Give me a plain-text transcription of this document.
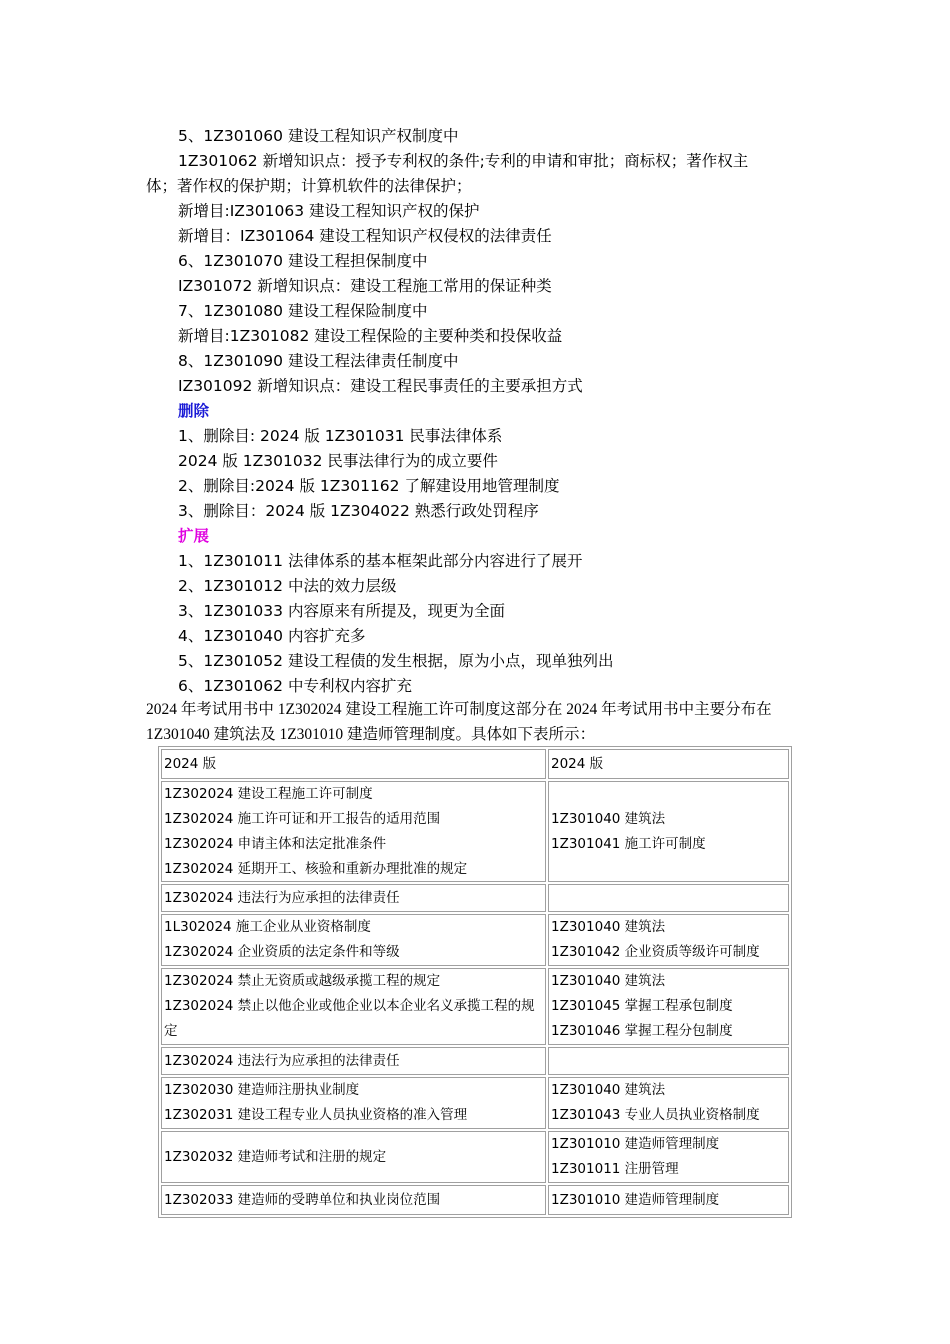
5、1Z301060 建设工程知识产权制度中
1Z301062 新增知识点：授予专利权的条件;专利的申请和审批；商标权；著作权主
体；著作权的保护期；计算机软件的法律保护；
新增目:IZ301063 建设工程知识产权的保护
新增目：IZ301064 建设工程知识产权侵权的法律责任
6、1Z301070 建设工程担保制度中
IZ301072 新增知识点：建设工程施工常用的保证种类
7、1Z301080 建设工程保险制度中
新增目:1Z301082 建设工程保险的主要种类和投保收益
8、1Z301090 建设工程法律责任制度中
IZ301092 新增知识点：建设工程民事责任的主要承担方式
删除
1、删除目: 2024 版 1Z301031 民事法律体系
2024 版 1Z301032 民事法律行为的成立要件
2、删除目:2024 版 1Z301162 了解建设用地管理制度
3、删除目：2024 版 1Z304022 熟悉行政处罚程序
扩展
1、1Z301011 法律体系的基本框架此部分内容进行了展开
2、1Z301012 中法的效力层级
3、1Z301033 内容原来有所提及，现更为全面
4、1Z301040 内容扩充多
5、1Z301052 建设工程债的发生根据，原为小点，现单独列出
6、1Z301062 中专利权内容扩充
2024 年考试用书中 1Z302024 建设工程施工许可制度这部分在 2024 年考试用书中主要分布在 1Z301040 建筑法及 1Z301010 建造师管理制度。具体如下表所示：
2024 版	2024 版
1Z302024 建设工程施工许可制度
1Z302024 施工许可证和开工报告的适用范围
1Z302024 申请主体和法定批准条件
1Z302024 延期开工、核验和重新办理批准的规定
1Z301040 建筑法
1Z301041 施工许可制度
1Z302024 违法行为应承担的法律责任
1L302024 施工企业从业资格制度
1Z302024 企业资质的法定条件和等级
1Z301040 建筑法
1Z301042 企业资质等级许可制度
1Z302024 禁止无资质或越级承揽工程的规定
1Z302024 禁止以他企业或他企业以本企业名义承揽工程的规定
1Z301040 建筑法
1Z301045 掌握工程承包制度
1Z301046 掌握工程分包制度
1Z302024 违法行为应承担的法律责任
1Z302030 建造师注册执业制度
1Z302031 建设工程专业人员执业资格的准入管理
1Z301040 建筑法
1Z301043 专业人员执业资格制度
1Z302032 建造师考试和注册的规定
1Z301010 建造师管理制度
1Z301011 注册管理
1Z302033 建造师的受聘单位和执业岗位范围	1Z301010 建造师管理制度
